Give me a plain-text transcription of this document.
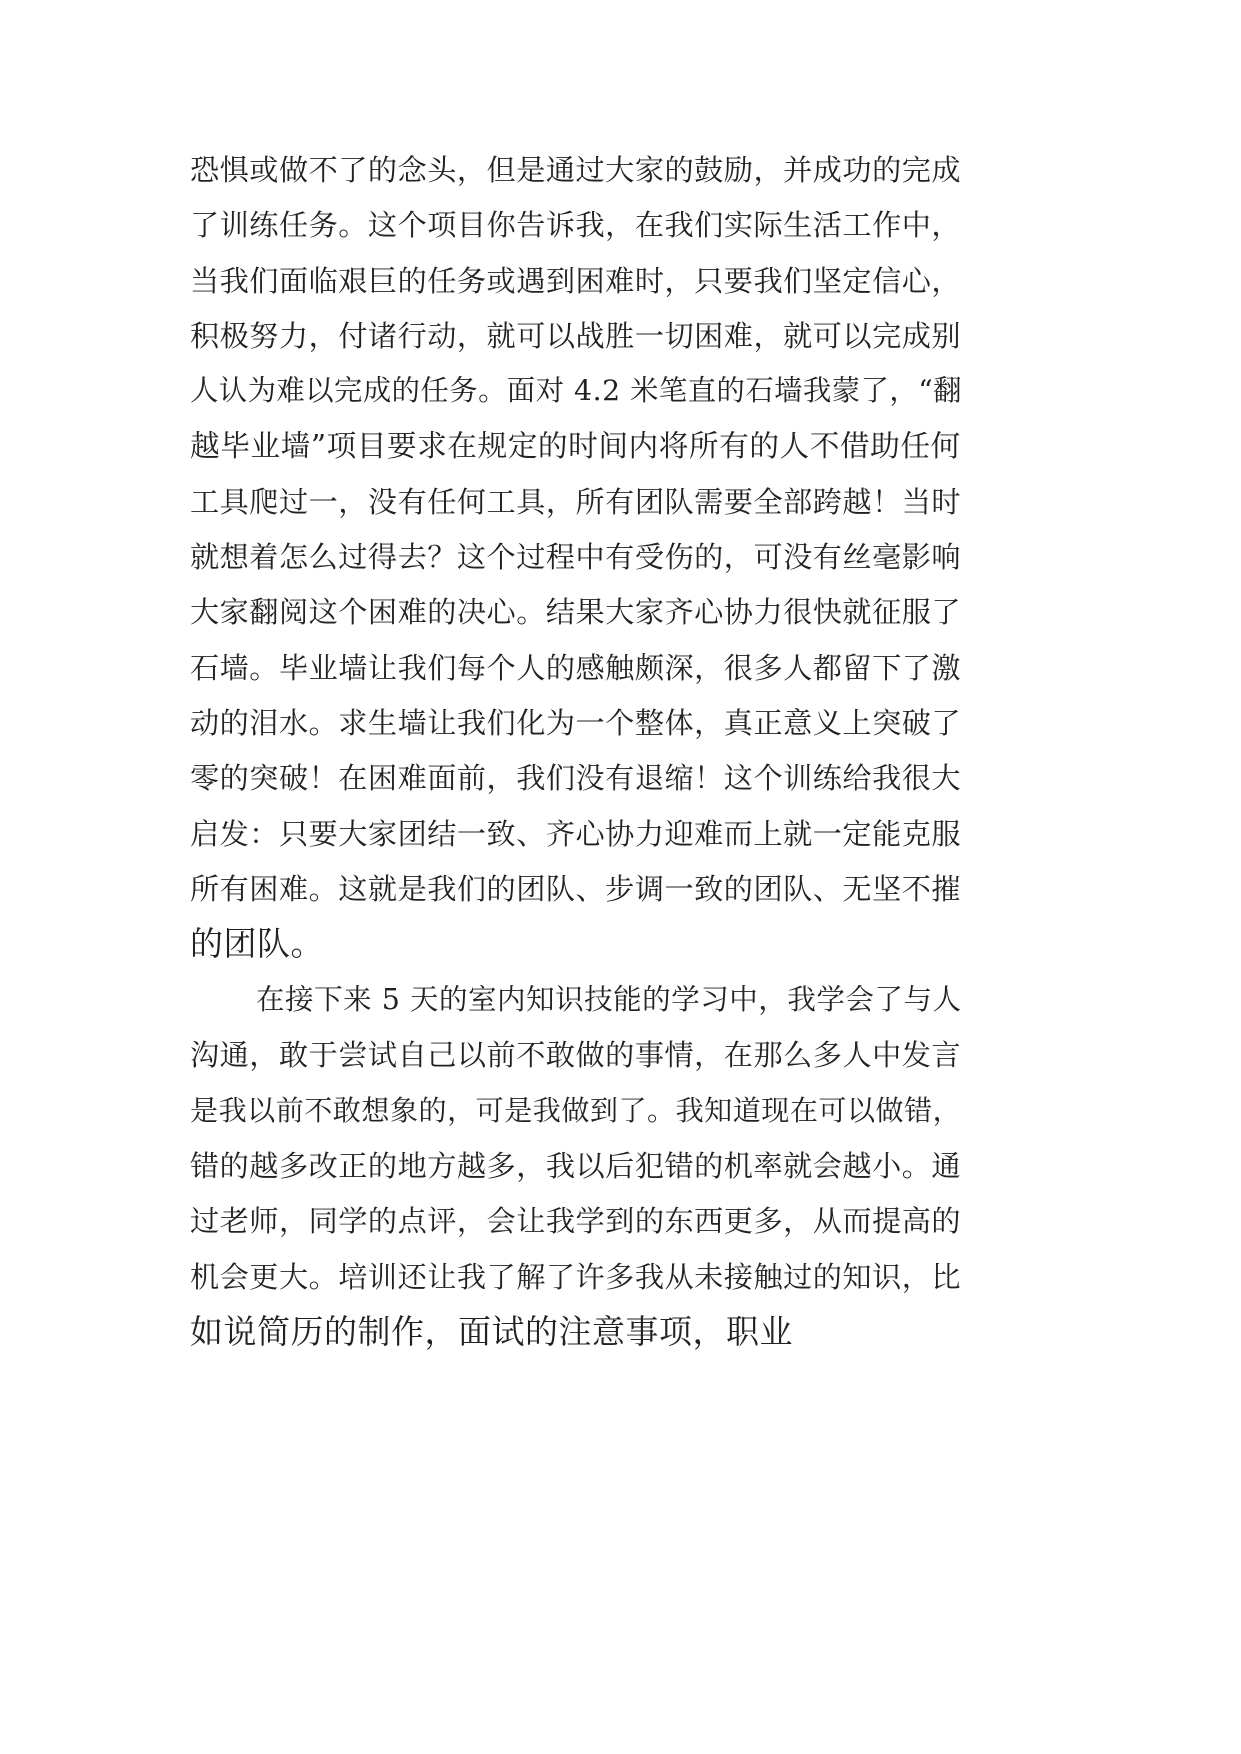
恐惧或做不了的念头，但是通过大家的鼓励，并成功的完成
了训练任务。这个项目你告诉我，在我们实际生活工作中，
当我们面临艰巨的任务或遇到困难时，只要我们坚定信心，
积极努力，付诸行动，就可以战胜一切困难，就可以完成别
人认为难以完成的任务。面对 4.2 米笔直的石墙我蒙了，“翻
越毕业墙”项目要求在规定的时间内将所有的人不借助任何
工具爬过一，没有任何工具，所有团队需要全部跨越！当时
就想着怎么过得去？这个过程中有受伤的，可没有丝毫影响
大家翻阅这个困难的决心。结果大家齐心协力很快就征服了
石墙。毕业墙让我们每个人的感触颇深，很多人都留下了激
动的泪水。求生墙让我们化为一个整体，真正意义上突破了
零的突破！在困难面前，我们没有退缩！这个训练给我很大
启发：只要大家团结一致、齐心协力迎难而上就一定能克服
所有困难。这就是我们的团队、步调一致的团队、无坚不摧
的团队。
在接下来 5 天的室内知识技能的学习中，我学会了与人
沟通，敢于尝试自己以前不敢做的事情，在那么多人中发言
是我以前不敢想象的，可是我做到了。我知道现在可以做错，
错的越多改正的地方越多，我以后犯错的机率就会越小。通
过老师，同学的点评，会让我学到的东西更多，从而提高的
机会更大。培训还让我了解了许多我从未接触过的知识，比
如说简历的制作，面试的注意事项，职业
